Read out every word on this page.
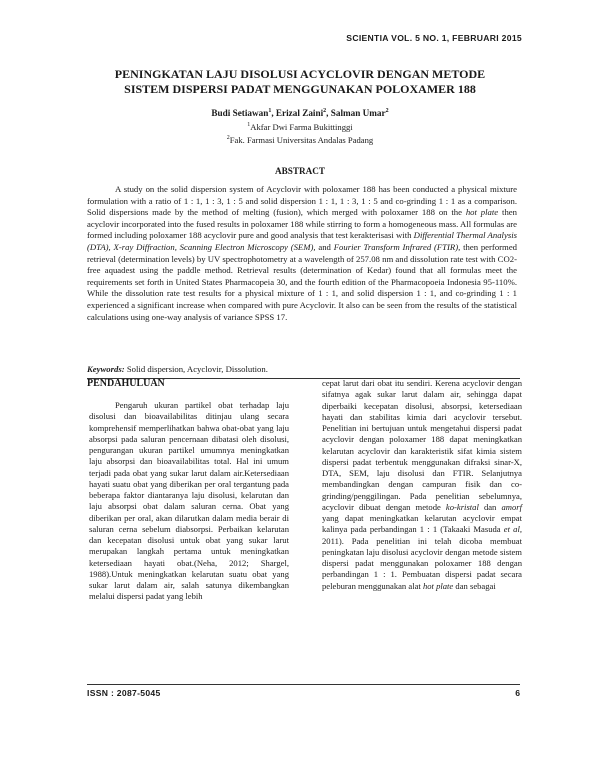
SCIENTIA VOL. 5 NO. 1, FEBRUARI 2015
PENINGKATAN LAJU DISOLUSI ACYCLOVIR DENGAN METODE
SISTEM DISPERSI PADAT MENGGUNAKAN POLOXAMER 188
Budi Setiawan$^1$, Erizal Zaini$^2$, Salman Umar$^2$
$^1$Akfar Dwi Farma Bukittinggi
$^2$Fak. Farmasi Universitas Andalas Padang
ABSTRACT
A study on the solid dispersion system of Acyclovir with poloxamer 188 has been conducted a physical mixture formulation with a ratio of 1 : 1, 1 : 3, 1 : 5 and solid dispersion 1 : 1, 1 : 3, 1 : 5 and co-grinding 1 : 1 as a comparison. Solid dispersions made by the method of melting (fusion), which merged with poloxamer 188 on the hot plate then acyclovir incorporated into the fused results in poloxamer 188 while stirring to form a homogeneous mass. All formulas are formed including poloxamer 188 acyclovir pure and good analysis that test kerakterisasi with Differential Thermal Analysis (DTA), X-ray Diffraction, Scanning Electron Microscopy (SEM), and Fourier Transform Infrared (FTIR), then performed retrieval (determination levels) by UV spectrophotometry at a wavelength of 257.08 nm and dissolution rate test with CO2-free aquadest using the paddle method. Retrieval results (determination of Kedar) found that all formulas meet the requirements set forth in United States Pharmacopeia 30, and the fourth edition of the Pharmacopoeia Indonesia 95-110%. While the dissolution rate test results for a physical mixture of 1 : 1, and solid dispersion 1 : 1, and co-grinding 1 : 1 experienced a significant increase when compared with pure Acyclovir. It also can be seen from the results of the statistical calculations using one-way analysis of variance SPSS 17.
Keywords: Solid dispersion, Acyclovir, Dissolution.
PENDAHULUAN

Pengaruh ukuran partikel obat terhadap laju disolusi dan bioavailabilitas ditinjau ulang secara komprehensif memperlihatkan bahwa obat-obat yang laju absorpsi pada saluran pencernaan dibatasi oleh disolusi, pengurangan ukuran partikel umumnya meningkatkan laju absorpsi dan bioavailabilitas total. Hal ini umum terjadi pada obat yang sukar larut dalam air.Ketersediaan hayati suatu obat yang diberikan per oral tergantung pada beberapa faktor diantaranya laju disolusi, kelarutan dan laju absorpsi obat dalam saluran cerna. Obat yang diberikan per oral, akan dilarutkan dalam media berair di saluran cerna sebelum diabsorpsi. Perbaikan kelarutan dan kecepatan disolusi untuk obat yang sukar larut merupakan langkah pertama untuk meningkatkan ketersediaan hayati obat.(Neha, 2012; Shargel, 1988).Untuk meningkatkan kelarutan suatu obat yang sukar larut dalam air, salah satunya dikembangkan melalui dispersi padat yang lebih

cepat larut dari obat itu sendiri. Kerena acyclovir dengan sifatnya agak sukar larut dalam air, sehingga dapat diperbaiki kecepatan disolusi, absorpsi, ketersediaan hayati dan stabilitas kimia dari acyclovir tersebut. Penelitian ini bertujuan untuk mengetahui dispersi padat acyclovir dengan poloxamer 188 dapat meningkatkan kelarutan acyclovir dan karakteristik sifat kimia sistem dispersi padat terbentuk menggunakan difraksi sinar-X, DTA, SEM, laju disolusi dan FTIR. Selanjutnya membandingkan dengan campuran fisik dan co-grinding/penggilingan. Pada penelitian sebelumnya, acyclovir dibuat dengan metode ko-kristal dan amorf yang dapat meningkatkan kelarutan acyclovir empat kalinya pada perbandingan 1 : 1 (Takaaki Masuda et al, 2011). Pada penelitian ini telah dicoba membuat peningkatan laju disolusi acyclovir dengan metode sistem dispersi padat menggunakan poloxamer 188 dengan perbandingan 1 : 1. Pembuatan dispersi padat secara peleburan menggunakan alat hot plate dan sebagai
ISSN : 2087-5045	6
